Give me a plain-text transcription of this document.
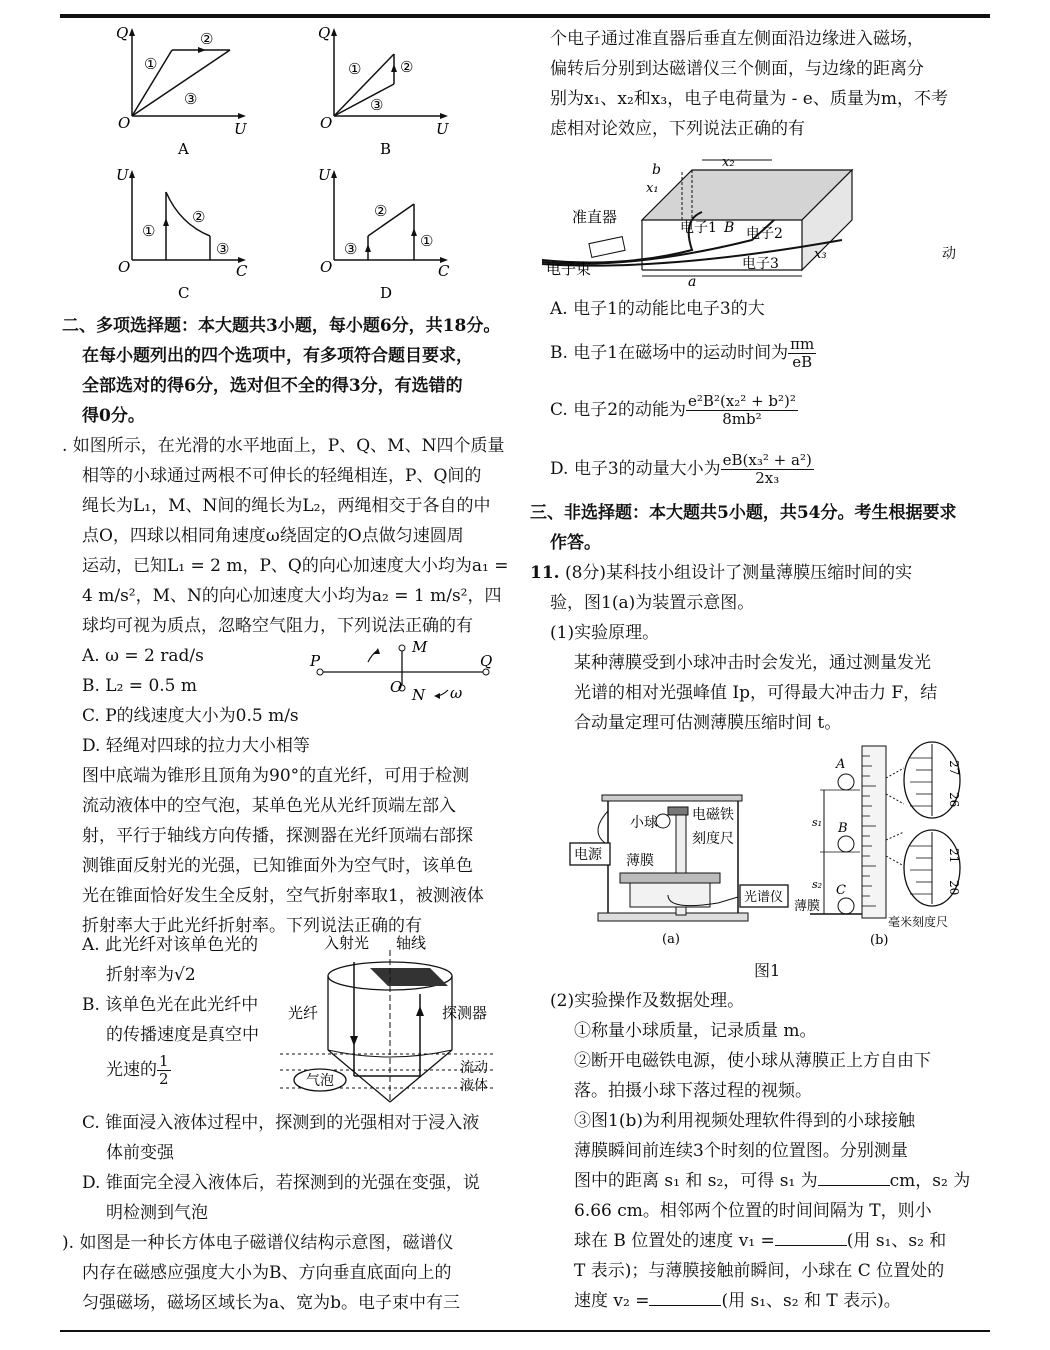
Q
U
O
①
②
③
A
Q
U
O
①	②
③
B
U
C
O
①
②
③
C
U
C
O
③
②
①
D
二、多项选择题：本大题共3小题，每小题6分，共18分。
在每小题列出的四个选项中，有多项符合题目要求，
全部选对的得6分，选对但不全的得3分，有选错的
得0分。
. 如图所示，在光滑的水平地面上，P、Q、M、N四个质量
相等的小球通过两根不可伸长的轻绳相连，P、Q间的
绳长为L₁，M、N间的绳长为L₂，两绳相交于各自的中
点O，四球以相同角速度ω绕固定的O点做匀速圆周
运动，已知L₁ = 2 m，P、Q的向心加速度大小均为a₁ =
4 m/s²，M、N的向心加速度大小均为a₂ = 1 m/s²，四
球均可视为质点，忽略空气阻力，下列说法正确的有
A. ω = 2 rad/s
B. L₂ = 0.5 m
C. P的线速度大小为0.5 m/s
D. 轻绳对四球的拉力大小相等
图中底端为锥形且顶角为90°的直光纤，可用于检测
流动液体中的空气泡，某单色光从光纤顶端左部入
射，平行于轴线方向传播，探测器在光纤顶端右部探
测锥面反射光的光强，已知锥面外为空气时，该单色
光在锥面恰好发生全反射，空气折射率取1，被测液体
折射率大于此光纤折射率。下列说法正确的有
P	Q
M
N
O	ω
A. 此光纤对该单色光的
折射率为√2
B. 该单色光在此光纤中
的传播速度是真空中
光速的 $\frac{1}{2}$
入射光 轴线
光纤	探测器
流动
液体
气泡
C. 锥面浸入液体过程中，探测到的光强相对于浸入液
体前变强
D. 锥面完全浸入液体后，若探测到的光强在变强，说
明检测到气泡
). 如图是一种长方体电子磁谱仪结构示意图，磁谱仪
内存在磁感应强度大小为B、方向垂直底面向上的
匀强磁场，磁场区域长为a、宽为b。电子束中有三
个电子通过准直器后垂直左侧面沿边缘进入磁场，
偏转后分别到达磁谱仪三个侧面，与边缘的距离分
别为x₁、x₂和x₃，电子电荷量为 - e、质量为m，不考
虑相对论效应，下列说法正确的有
b
x₁
x₂
x₃
a
B
准直器
电子束
电子1 电子2
电子3
动
A. 电子1的动能比电子3的大
B. 电子1在磁场中的运动时间为 $\frac{\pi m}{eB}$
C. 电子2的动能为 $\frac{\text{e²B²(x₂² + b²)²}}{\text{8mb²}}$
D. 电子3的动量大小为 $\frac{\text{eB(x₃² + a²)}}{\text{2x₃}}$
三、非选择题：本大题共5小题，共54分。考生根据要求
作答。
11. (8分)某科技小组设计了测量薄膜压缩时间的实
验，图1(a)为装置示意图。
(1)实验原理。
某种薄膜受到小球冲击时会发光，通过测量发光
光谱的相对光强峰值 Ip，可得最大冲击力 F，结
合动量定理可估测薄膜压缩时间 t。
电源
小球 电磁铁
刻度尺
薄膜
光谱仪
(a)
A
B
C
s₁
s₂
薄膜
毫米刻度尺
27
26
21
20
(b)
图1
(2)实验操作及数据处理。
①称量小球质量，记录质量 m。
②断开电磁铁电源，使小球从薄膜正上方自由下
落。拍摄小球下落过程的视频。
③图1(b)为利用视频处理软件得到的小球接触
薄膜瞬间前连续3个时刻的位置图。分别测量
图中的距离 s₁ 和 s₂，可得 s₁ 为	cm，s₂ 为
6.66 cm。相邻两个位置的时间间隔为 T，则小
球在 B 位置处的速度 v₁ =	(用 s₁、s₂ 和
T 表示)；与薄膜接触前瞬间，小球在 C 位置处的
速度 v₂ =	(用 s₁、s₂ 和 T 表示)。
